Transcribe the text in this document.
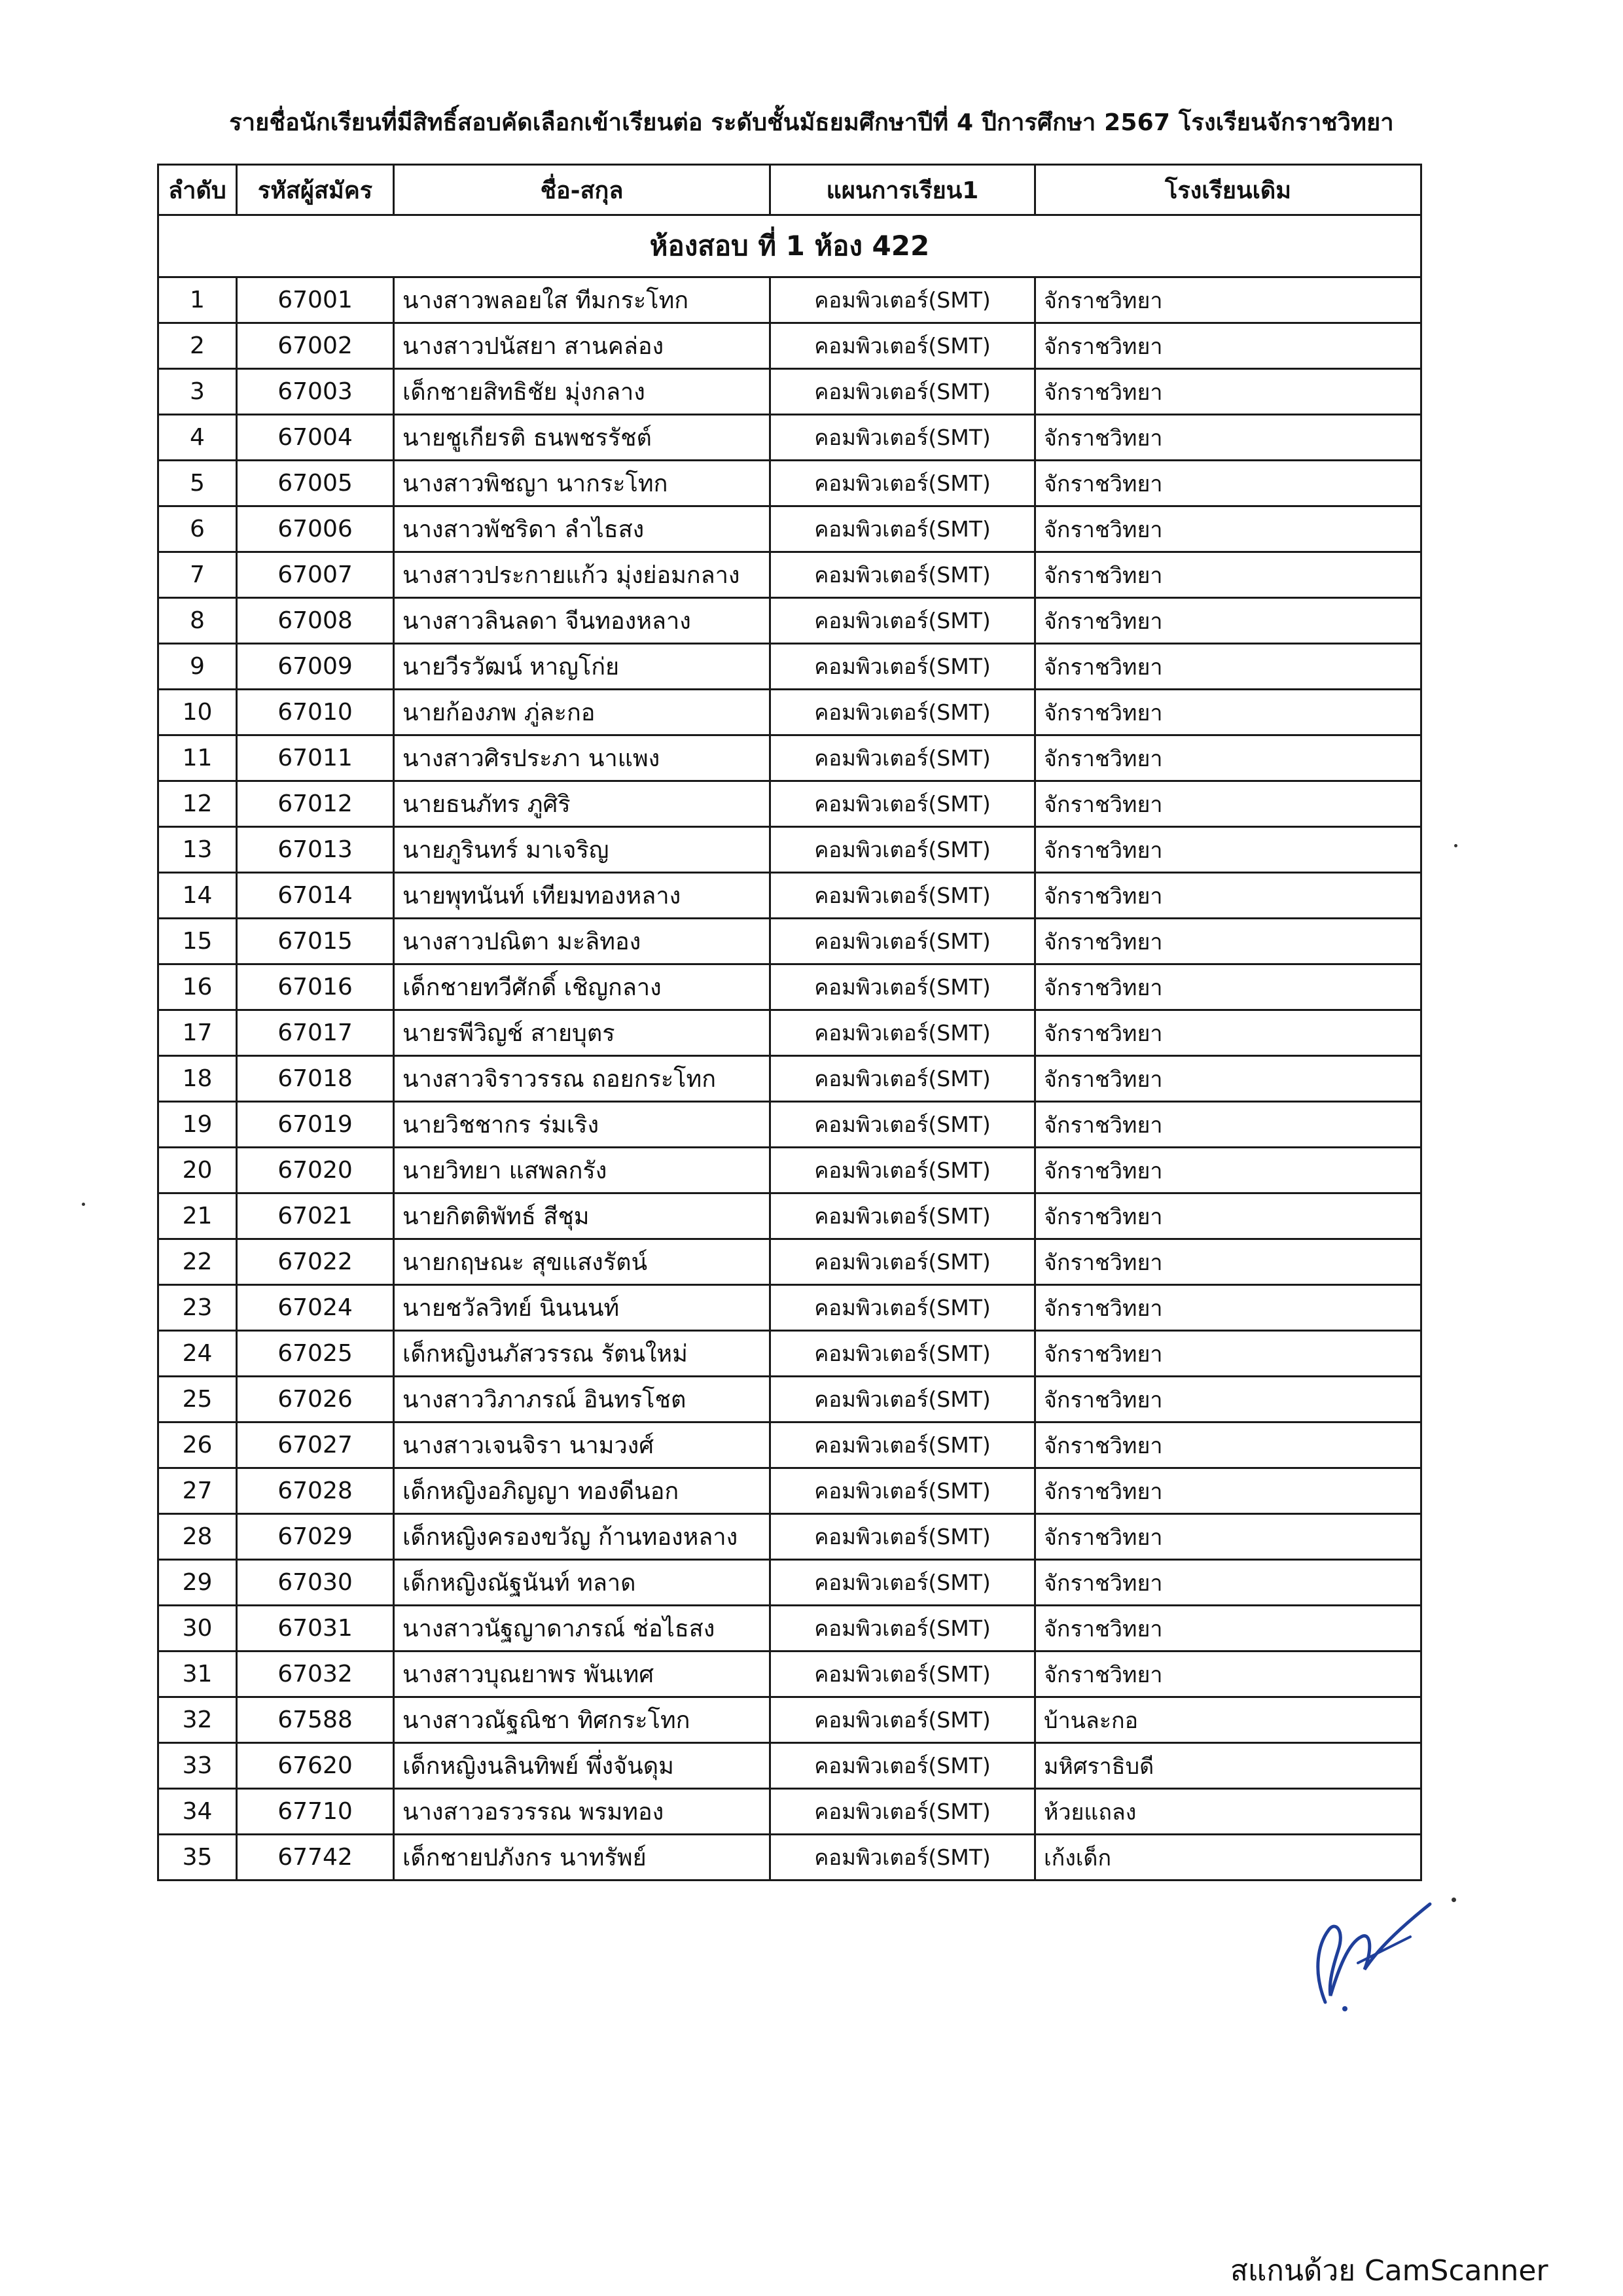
รายชื่อนักเรียนที่มีสิทธิ์สอบคัดเลือกเข้าเรียนต่อ ระดับชั้นมัธยมศึกษาปีที่ 4 ปีการศึกษา 2567 โรงเรียนจักราชวิทยา
ลำดับ	รหัสผู้สมัคร	ชื่อ-สกุล	แผนการเรียน1	โรงเรียนเดิม
ห้องสอบ ที่ 1 ห้อง 422				
1	67001	นางสาวพลอยใส ทีมกระโทก	คอมพิวเตอร์(SMT)	จักราชวิทยา
2	67002	นางสาวปนัสยา สานคล่อง	คอมพิวเตอร์(SMT)	จักราชวิทยา
3	67003	เด็กชายสิทธิชัย มุ่งกลาง	คอมพิวเตอร์(SMT)	จักราชวิทยา
4	67004	นายชูเกียรติ ธนพชรรัชต์	คอมพิวเตอร์(SMT)	จักราชวิทยา
5	67005	นางสาวพิชญา นากระโทก	คอมพิวเตอร์(SMT)	จักราชวิทยา
6	67006	นางสาวพัชริดา ลำไธสง	คอมพิวเตอร์(SMT)	จักราชวิทยา
7	67007	นางสาวประกายแก้ว มุ่งย่อมกลาง	คอมพิวเตอร์(SMT)	จักราชวิทยา
8	67008	นางสาวลินลดา จีนทองหลาง	คอมพิวเตอร์(SMT)	จักราชวิทยา
9	67009	นายวีรวัฒน์ หาญโก่ย	คอมพิวเตอร์(SMT)	จักราชวิทยา
10	67010	นายก้องภพ ภู่ละกอ	คอมพิวเตอร์(SMT)	จักราชวิทยา
11	67011	นางสาวศิรประภา นาแพง	คอมพิวเตอร์(SMT)	จักราชวิทยา
12	67012	นายธนภัทร ภูศิริ	คอมพิวเตอร์(SMT)	จักราชวิทยา
13	67013	นายภูรินทร์ มาเจริญ	คอมพิวเตอร์(SMT)	จักราชวิทยา
14	67014	นายพุทนันท์ เทียมทองหลาง	คอมพิวเตอร์(SMT)	จักราชวิทยา
15	67015	นางสาวปณิตา มะลิทอง	คอมพิวเตอร์(SMT)	จักราชวิทยา
16	67016	เด็กชายทวีศักดิ์ เชิญกลาง	คอมพิวเตอร์(SMT)	จักราชวิทยา
17	67017	นายรพีวิญช์ สายบุตร	คอมพิวเตอร์(SMT)	จักราชวิทยา
18	67018	นางสาวจิราวรรณ ถอยกระโทก	คอมพิวเตอร์(SMT)	จักราชวิทยา
19	67019	นายวิชชากร ร่มเริง	คอมพิวเตอร์(SMT)	จักราชวิทยา
20	67020	นายวิทยา แสพลกรัง	คอมพิวเตอร์(SMT)	จักราชวิทยา
21	67021	นายกิตติพัทธ์ สีชุม	คอมพิวเตอร์(SMT)	จักราชวิทยา
22	67022	นายกฤษณะ สุขแสงรัตน์	คอมพิวเตอร์(SMT)	จักราชวิทยา
23	67024	นายชวัลวิทย์ นินนนท์	คอมพิวเตอร์(SMT)	จักราชวิทยา
24	67025	เด็กหญิงนภัสวรรณ รัตนใหม่	คอมพิวเตอร์(SMT)	จักราชวิทยา
25	67026	นางสาววิภาภรณ์ อินทรโชต	คอมพิวเตอร์(SMT)	จักราชวิทยา
26	67027	นางสาวเจนจิรา นามวงศ์	คอมพิวเตอร์(SMT)	จักราชวิทยา
27	67028	เด็กหญิงอภิญญา ทองดีนอก	คอมพิวเตอร์(SMT)	จักราชวิทยา
28	67029	เด็กหญิงครองขวัญ ก้านทองหลาง	คอมพิวเตอร์(SMT)	จักราชวิทยา
29	67030	เด็กหญิงณัฐนันท์ ทลาด	คอมพิวเตอร์(SMT)	จักราชวิทยา
30	67031	นางสาวนัฐญาดาภรณ์ ช่อไธสง	คอมพิวเตอร์(SMT)	จักราชวิทยา
31	67032	นางสาวบุณยาพร พันเทศ	คอมพิวเตอร์(SMT)	จักราชวิทยา
32	67588	นางสาวณัฐณิชา ทิศกระโทก	คอมพิวเตอร์(SMT)	บ้านละกอ
33	67620	เด็กหญิงนลินทิพย์ พึ่งจันดุม	คอมพิวเตอร์(SMT)	มหิศราธิบดี
34	67710	นางสาวอรวรรณ พรมทอง	คอมพิวเตอร์(SMT)	ห้วยแถลง
35	67742	เด็กชายปภังกร นาทรัพย์	คอมพิวเตอร์(SMT)	เก้งเด็ก
สแกนด้วย CamScanner
